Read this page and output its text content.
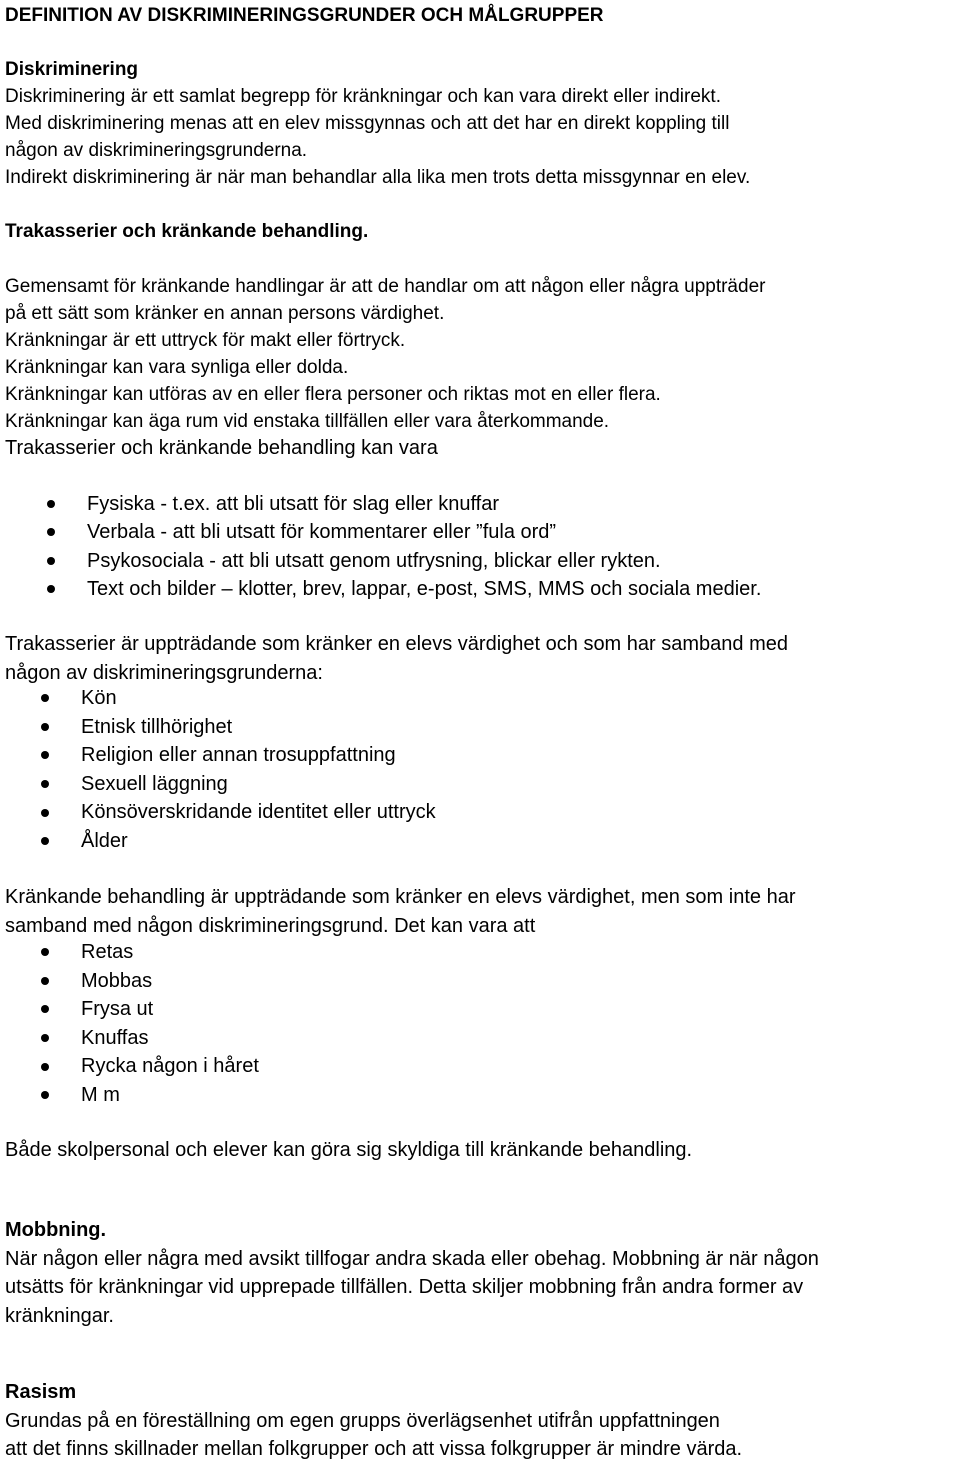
DEFINITION AV DISKRIMINERINGSGRUNDER OCH MÅLGRUPPER
Diskriminering
Diskriminering är ett samlat begrepp för kränkningar och kan vara direkt eller indirekt.
Med diskriminering menas att en elev missgynnas och att det har en direkt koppling till
någon av diskrimineringsgrunderna.
Indirekt diskriminering är när man behandlar alla lika men trots detta missgynnar en elev.
Trakasserier och kränkande behandling.
Gemensamt för kränkande handlingar är att de handlar om att någon eller några uppträder
på ett sätt som kränker en annan persons värdighet.
Kränkningar är ett uttryck för makt eller förtryck.
Kränkningar kan vara synliga eller dolda.
Kränkningar kan utföras av en eller flera personer och riktas mot en eller flera.
Kränkningar kan äga rum vid enstaka tillfällen eller vara återkommande.
Trakasserier och kränkande behandling kan vara
Fysiska - t.ex. att bli utsatt för slag eller knuffar
Verbala - att bli utsatt för kommentarer eller ”fula ord”
Psykosociala - att bli utsatt genom utfrysning, blickar eller rykten.
Text och bilder – klotter, brev, lappar, e-post, SMS, MMS och sociala medier.
Trakasserier är uppträdande som kränker en elevs värdighet och som har samband med
någon av diskrimineringsgrunderna:
Kön
Etnisk tillhörighet
Religion eller annan trosuppfattning
Sexuell läggning
Könsöverskridande identitet eller uttryck
Ålder
Kränkande behandling är uppträdande som kränker en elevs värdighet, men som inte har
samband med någon diskrimineringsgrund. Det kan vara att
Retas
Mobbas
Frysa ut
Knuffas
Rycka någon i håret
M m
Både skolpersonal och elever kan göra sig skyldiga till kränkande behandling.
Mobbning.
När någon eller några med avsikt tillfogar andra skada eller obehag. Mobbning är när någon
utsätts för kränkningar vid upprepade tillfällen. Detta skiljer mobbning från andra former av
kränkningar.
Rasism
Grundas på en föreställning om egen grupps överlägsenhet utifrån uppfattningen
att det finns skillnader mellan folkgrupper och att vissa folkgrupper är mindre värda.
